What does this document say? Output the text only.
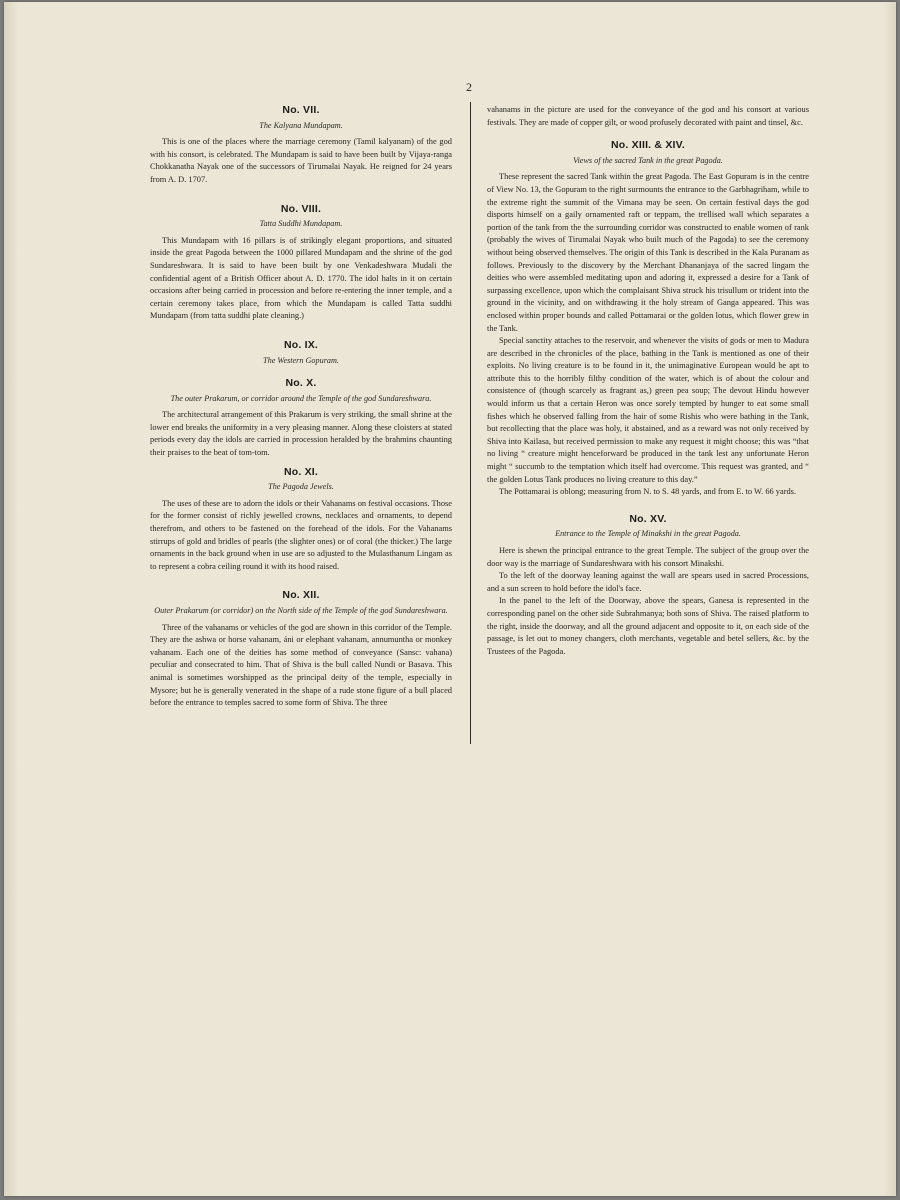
2
No. VII.
The Kalyana Mundapam.

This is one of the places where the marriage ceremony (Tamil kalyanam) of the god with his consort, is celebrated. The Mundapam is said to have been built by Vijaya-ranga Chokkanatha Nayak one of the successors of Tirumalai Nayak. He reigned for 24 years from A. D. 1707.

No. VIII.
Tatta Suddhi Mundapam.

This Mundapam with 16 pillars is of strikingly elegant proportions, and situated inside the great Pagoda between the 1000 pillared Mundapam and the shrine of the god Sundareshwara. It is said to have been built by one Venkadeshwara Mudali the confidential agent of a British Officer about A. D. 1770. The idol halts in it on certain occasions after being carried in procession and before re-entering the inner temple, and a certain ceremony takes place, from which the Mundapam is called Tatta suddhi Mundapam (from tatta suddhi plate cleaning.)

No. IX.
The Western Gopuram.
No. X.
The outer Prakarum, or corridor around the Temple of the god Sundareshwara.

The architectural arrangement of this Prakarum is very striking, the small shrine at the lower end breaks the uniformity in a very pleasing manner. Along these cloisters at stated periods every day the idols are carried in procession heralded by the brahmins chaunting their praises to the beat of tom-tom.

No. XI.
The Pagoda Jewels.

The uses of these are to adorn the idols or their Vahanams on festival occasions. Those for the former consist of richly jewelled crowns, necklaces and ornaments, to depend therefrom, and others to be fastened on the forehead of the idols. For the Vahanams stirrups of gold and bridles of pearls (the slighter ones) or of coral (the thicker.) The large ornaments in the back ground when in use are so adjusted to the Mulasthanum Lingam as to represent a cobra ceiling round it with its hood raised.

No. XII.
Outer Prakarum (or corridor) on the North side of the Temple of the god Sundareshwara.

Three of the vahanams or vehicles of the god are shown in this corridor of the Temple. They are the ashwa or horse vahanam, áni or elephant vahanam, annumuntha or monkey vahanam. Each one of the deities has some method of conveyance (Sansc: vahana) peculiar and consecrated to him. That of Shiva is the bull called Nundi or Basava. This animal is sometimes worshipped as the principal deity of the temple, especially in Mysore; but he is generally venerated in the shape of a rude stone figure of a bull placed before the entrance to temples sacred to some form of Shiva. The three

vahanams in the picture are used for the conveyance of the god and his consort at various festivals. They are made of copper gilt, or wood profusely decorated with paint and tinsel, &c.

No. XIII. & XIV.
Views of the sacred Tank in the great Pagoda.

These represent the sacred Tank within the great Pagoda. The East Gopuram is in the centre of View No. 13, the Gopuram to the right surmounts the entrance to the Garbhagriham, while to the extreme right the summit of the Vimana may be seen. On certain festival days the god disports himself on a gaily ornamented raft or teppam, the trellised wall which separates a portion of the tank from the the surrounding corridor was constructed to enable women of rank (probably the wives of Tirumalai Nayak who built much of the Pagoda) to see the ceremony without being observed themselves. The origin of this Tank is described in the Kala Puranam as follows. Previously to the discovery by the Merchant Dhananjaya of the sacred lingam the deities who were assembled meditating upon and adoring it, expressed a desire for a Tank of surpassing excellence, upon which the complaisant Shiva struck his trisullum or trident into the ground in the vicinity, and on withdrawing it the holy stream of Ganga appeared. This was enclosed within proper bounds and called Pottamarai or the golden lotus, which flower grew in the Tank.

Special sanctity attaches to the reservoir, and whenever the visits of gods or men to Madura are described in the chronicles of the place, bathing in the Tank is mentioned as one of their exploits. No living creature is to be found in it, the unimaginative European would be apt to attribute this to the horribly filthy condition of the water, which is of about the colour and consistence of (though scarcely as fragrant as,) green pea soup; The devout Hindu however would inform us that a certain Heron was once sorely tempted by hunger to eat some small fishes which he observed falling from the hair of some Rishis who were bathing in the Tank, but recollecting that the place was holy, it abstained, and as a reward was not only received by Shiva into Kailasa, but received permission to make any request it might choose; this was “that no living “ creature might henceforward be produced in the tank lest any unfortunate Heron might “ succumb to the temptation which itself had overcome. This request was granted, and “ the golden Lotus Tank produces no living creature to this day.”

The Pottamarai is oblong; measuring from N. to S. 48 yards, and from E. to W. 66 yards.

No. XV.
Entrance to the Temple of Minakshi in the great Pagoda.

Here is shewn the principal entrance to the great Temple. The subject of the group over the door way is the marriage of Sundareshwara with his consort Minakshi.

To the left of the doorway leaning against the wall are spears used in sacred Processions, and a sun screen to hold before the idol's face.

In the panel to the left of the Doorway, above the spears, Ganesa is represented in the corresponding panel on the other side Subrahmanya; both sons of Shiva. The raised platform to the right, inside the doorway, and all the ground adjacent and opposite to it, on each side of the passage, is let out to money changers, cloth merchants, vegetable and betel sellers, &c. by the Trustees of the Pagoda.
